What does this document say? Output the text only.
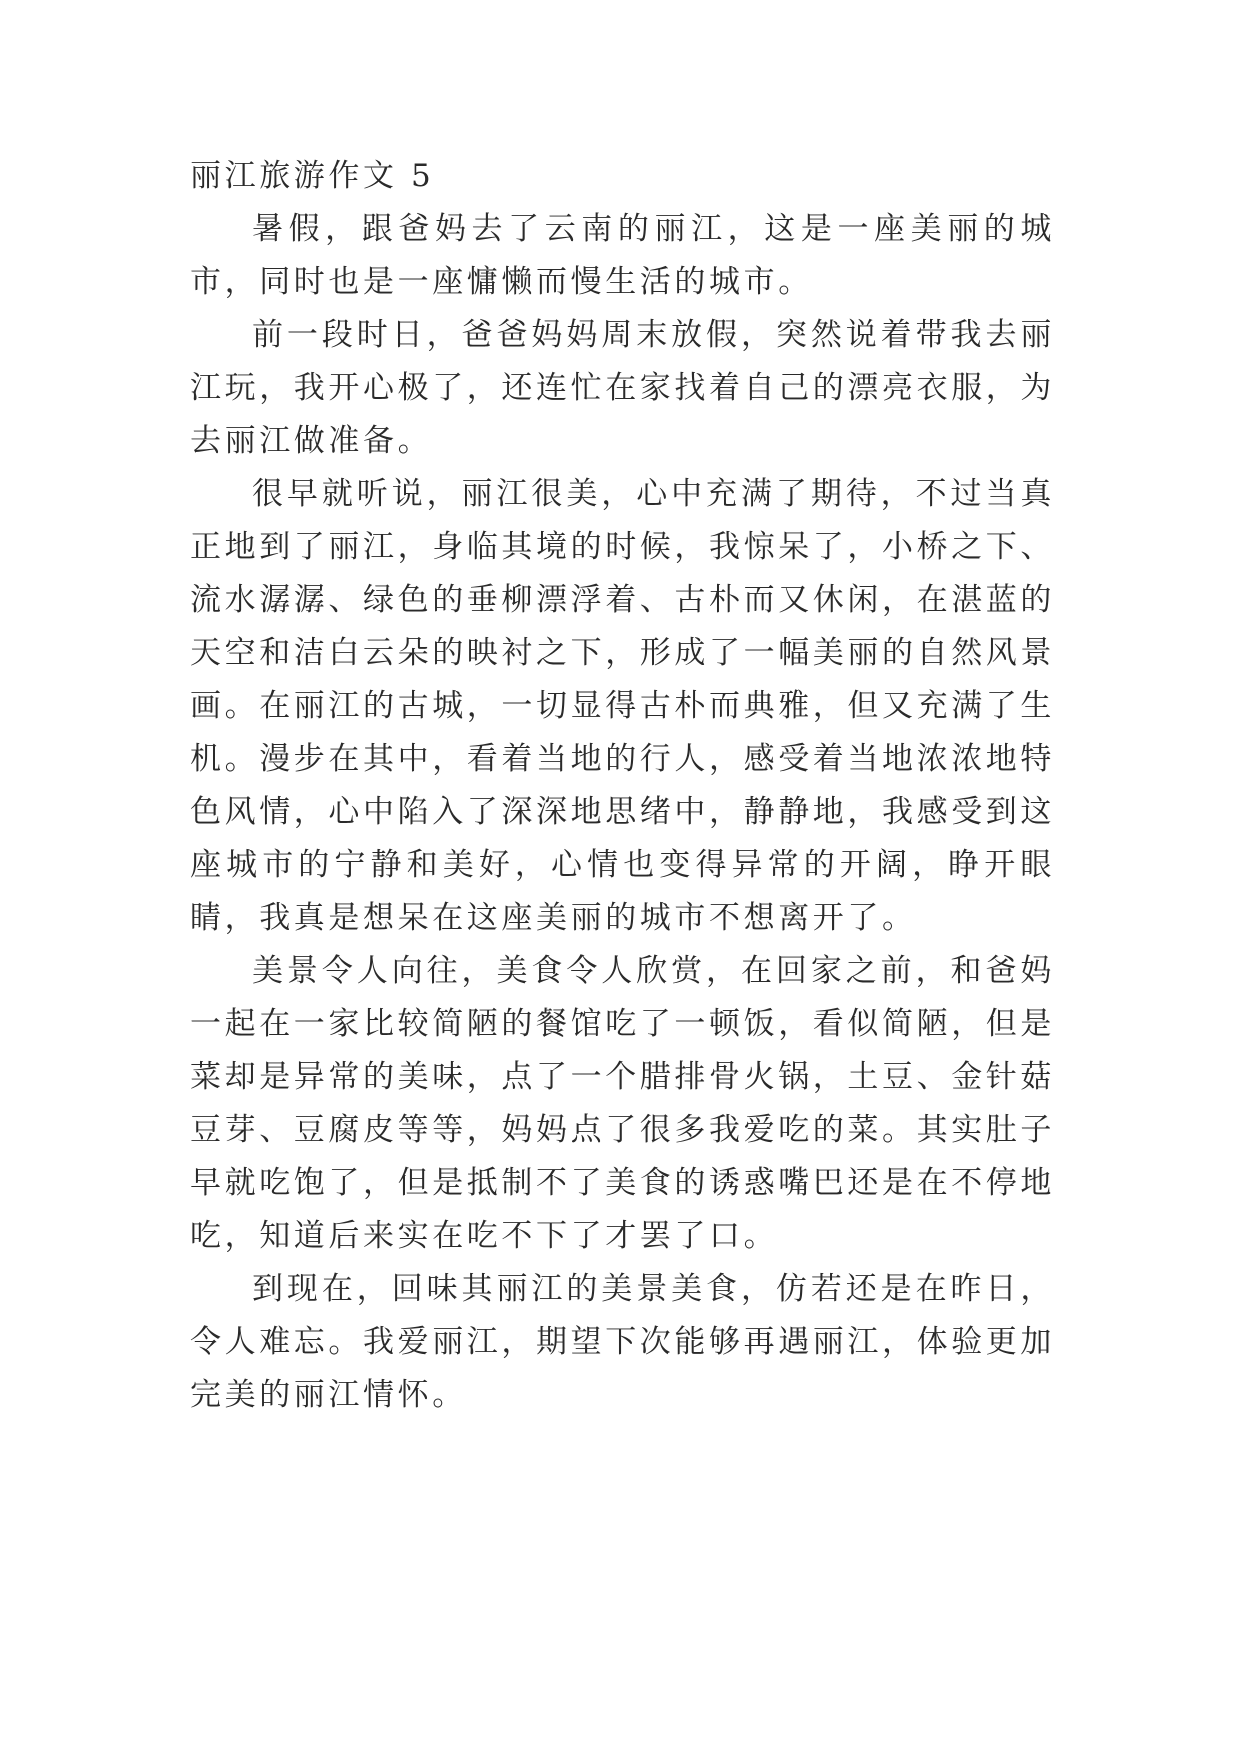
丽江旅游作文 5

暑假，跟爸妈去了云南的丽江，这是一座美丽的城市，同时也是一座慵懒而慢生活的城市。

前一段时日，爸爸妈妈周末放假，突然说着带我去丽江玩，我开心极了，还连忙在家找着自己的漂亮衣服，为去丽江做准备。

很早就听说，丽江很美，心中充满了期待，不过当真正地到了丽江，身临其境的时候，我惊呆了，小桥之下、流水潺潺、绿色的垂柳漂浮着、古朴而又休闲，在湛蓝的天空和洁白云朵的映衬之下，形成了一幅美丽的自然风景画。在丽江的古城，一切显得古朴而典雅，但又充满了生机。漫步在其中，看着当地的行人，感受着当地浓浓地特色风情，心中陷入了深深地思绪中，静静地，我感受到这座城市的宁静和美好，心情也变得异常的开阔，睁开眼睛，我真是想呆在这座美丽的城市不想离开了。

美景令人向往，美食令人欣赏，在回家之前，和爸妈一起在一家比较简陋的餐馆吃了一顿饭，看似简陋，但是菜却是异常的美味，点了一个腊排骨火锅，土豆、金针菇豆芽、豆腐皮等等，妈妈点了很多我爱吃的菜。其实肚子早就吃饱了，但是抵制不了美食的诱惑嘴巴还是在不停地吃，知道后来实在吃不下了才罢了口。

到现在，回味其丽江的美景美食，仿若还是在昨日，令人难忘。我爱丽江，期望下次能够再遇丽江，体验更加完美的丽江情怀。
